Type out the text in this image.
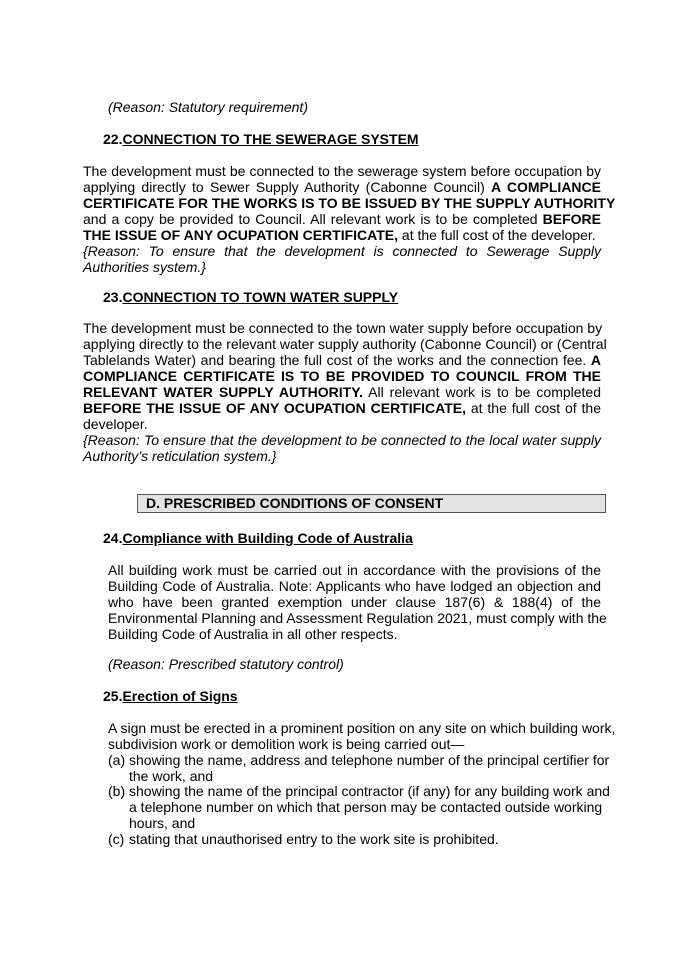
(Reason: Statutory requirement)
22.CONNECTION TO THE SEWERAGE SYSTEM
The development must be connected to the sewerage system before occupation by
applying directly to Sewer Supply Authority (Cabonne Council) A COMPLIANCE
CERTIFICATE FOR THE WORKS IS TO BE ISSUED BY THE SUPPLY AUTHORITY
and a copy be provided to Council. All relevant work is to be completed BEFORE
THE ISSUE OF ANY OCUPATION CERTIFICATE, at the full cost of the developer.
{Reason: To ensure that the development is connected to Sewerage Supply
Authorities system.}
23.CONNECTION TO TOWN WATER SUPPLY
The development must be connected to the town water supply before occupation by
applying directly to the relevant water supply authority (Cabonne Council) or (Central
Tablelands Water) and bearing the full cost of the works and the connection fee. A
COMPLIANCE CERTIFICATE IS TO BE PROVIDED TO COUNCIL FROM THE
RELEVANT WATER SUPPLY AUTHORITY. All relevant work is to be completed
BEFORE THE ISSUE OF ANY OCUPATION CERTIFICATE, at the full cost of the
developer.
{Reason: To ensure that the development to be connected to the local water supply
Authority’s reticulation system.}
D. PRESCRIBED CONDITIONS OF CONSENT
24.Compliance with Building Code of Australia
All building work must be carried out in accordance with the provisions of the
Building Code of Australia. Note: Applicants who have lodged an objection and
who have been granted exemption under clause 187(6) & 188(4) of the
Environmental Planning and Assessment Regulation 2021, must comply with the
Building Code of Australia in all other respects.
(Reason: Prescribed statutory control)
25.Erection of Signs
A sign must be erected in a prominent position on any site on which building work,
subdivision work or demolition work is being carried out—
(a) showing the name, address and telephone number of the principal certifier for
the work, and
(b) showing the name of the principal contractor (if any) for any building work and
a telephone number on which that person may be contacted outside working
hours, and
(c) stating that unauthorised entry to the work site is prohibited.
